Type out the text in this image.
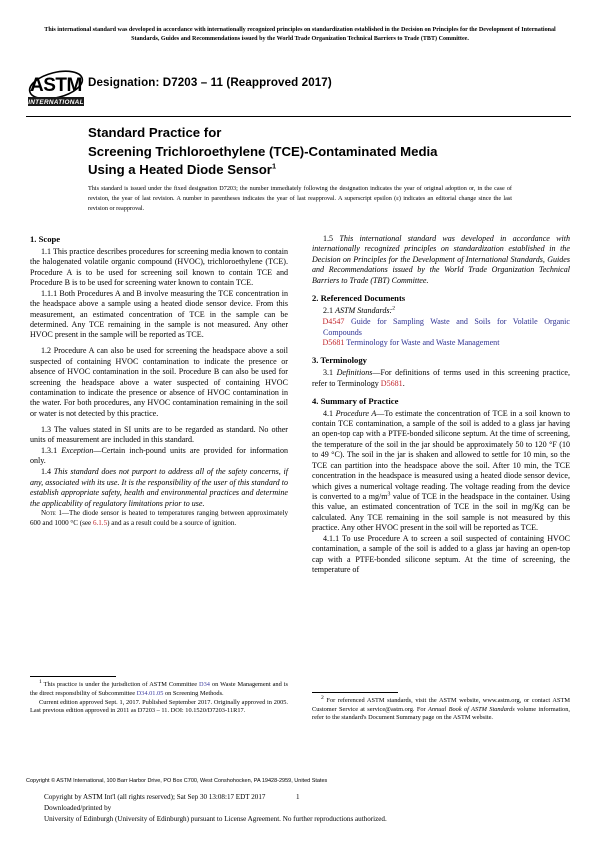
This international standard was developed in accordance with internationally recognized principles on standardization established in the Decision on Principles for the Development of International Standards, Guides and Recommendations issued by the World Trade Organization Technical Barriers to Trade (TBT) Committee.
ASTM
INTERNATIONAL
Designation: D7203 – 11 (Reapproved 2017)
Standard Practice for
Screening Trichloroethylene (TCE)-Contaminated Media
Using a Heated Diode Sensor$^1$
This standard is issued under the fixed designation D7203; the number immediately following the designation indicates the year of original adoption or, in the case of revision, the year of last revision. A number in parentheses indicates the year of last reapproval. A superscript epsilon (ε) indicates an editorial change since the last revision or reapproval.
1. Scope

1.1 This practice describes procedures for screening media known to contain the halogenated volatile organic compound (HVOC), trichloroethylene (TCE). Procedure A is to be used for screening soil known to contain TCE and Procedure B is to be used for screening water known to contain TCE.

1.1.1 Both Procedures A and B involve measuring the TCE concentration in the headspace above a sample using a heated diode sensor device. From this measurement, an estimated concentration of TCE in the sample can be determined. Any TCE remaining in the sample is not measured. Any other HVOC present in the sample will be reported as TCE.

1.2 Procedure A can also be used for screening the headspace above a soil suspected of containing HVOC contamination to indicate the presence or absence of HVOC contamination in the soil. Procedure B can also be used for screening the headspace above a water suspected of containing HVOC contamination to indicate the presence or absence of HVOC contamination in the water. For both procedures, any HVOC contamination remaining in the soil or water is not detected by this practice.

1.3 The values stated in SI units are to be regarded as standard. No other units of measurement are included in this standard.

1.3.1 Exception—Certain inch-pound units are provided for information only.

1.4 This standard does not purport to address all of the safety concerns, if any, associated with its use. It is the responsibility of the user of this standard to establish appropriate safety, health and environmental practices and determine the applicability of regulatory limitations prior to use.

Note 1—The diode sensor is heated to temperatures ranging between approximately 600 and 1000 °C (see 6.1.5) and as a result could be a source of ignition.

1.5 This international standard was developed in accordance with internationally recognized principles on standardization established in the Decision on Principles for the Development of International Standards, Guides and Recommendations issued by the World Trade Organization Technical Barriers to Trade (TBT) Committee.

2. Referenced Documents

2.1 ASTM Standards:$^2$

D4547 Guide for Sampling Waste and Soils for Volatile Organic Compounds
D5681 Terminology for Waste and Waste Management
3. Terminology

3.1 Definitions—For definitions of terms used in this screening practice, refer to Terminology D5681.

4. Summary of Practice

4.1 Procedure A—To estimate the concentration of TCE in a soil known to contain TCE contamination, a sample of the soil is added to a glass jar having an open-top cap with a PTFE-bonded silicone septum. At the time of screening, the temperature of the soil in the jar should be approximately 50 to 120 °F (10 to 49 °C). The soil in the jar is shaken and allowed to settle for 10 min, so the TCE can partition into the headspace above the soil. After 10 min, the TCE concentration in the headspace is measured using a heated diode sensor device, which gives a numerical voltage reading. The voltage reading from the device is converted to a $mg/m^3$ value of TCE in the headspace in the container. Using this value, an estimated concentration of TCE in the soil in mg/Kg can be calculated. Any TCE remaining in the soil sample is not measured by this practice. Any other HVOC present in the soil will be reported as TCE.

4.1.1 To use Procedure A to screen a soil suspected of containing HVOC contamination, a sample of the soil is added to a glass jar having an open-top cap with a PTFE-bonded silicone septum. At the time of screening, the temperature of

$^1$ This practice is under the jurisdiction of ASTM Committee D34 on Waste Management and is the direct responsibility of Subcommittee D34.01.05 on Screening Methods.

Current edition approved Sept. 1, 2017. Published September 2017. Originally approved in 2005. Last previous edition approved in 2011 as D7203 – 11. DOI: 10.1520/D7203-11R17.

$^2$ For referenced ASTM standards, visit the ASTM website, www.astm.org, or contact ASTM Customer Service at service@astm.org. For Annual Book of ASTM Standards volume information, refer to the standard's Document Summary page on the ASTM website.

Copyright © ASTM International, 100 Barr Harbor Drive, PO Box C700, West Conshohocken, PA 19428-2959, United States
Copyright by ASTM Int'l (all rights reserved); Sat Sep 30 13:08:17 EDT 2017
Downloaded/printed by
University of Edinburgh (University of Edinburgh) pursuant to License Agreement. No further reproductions authorized.
1
